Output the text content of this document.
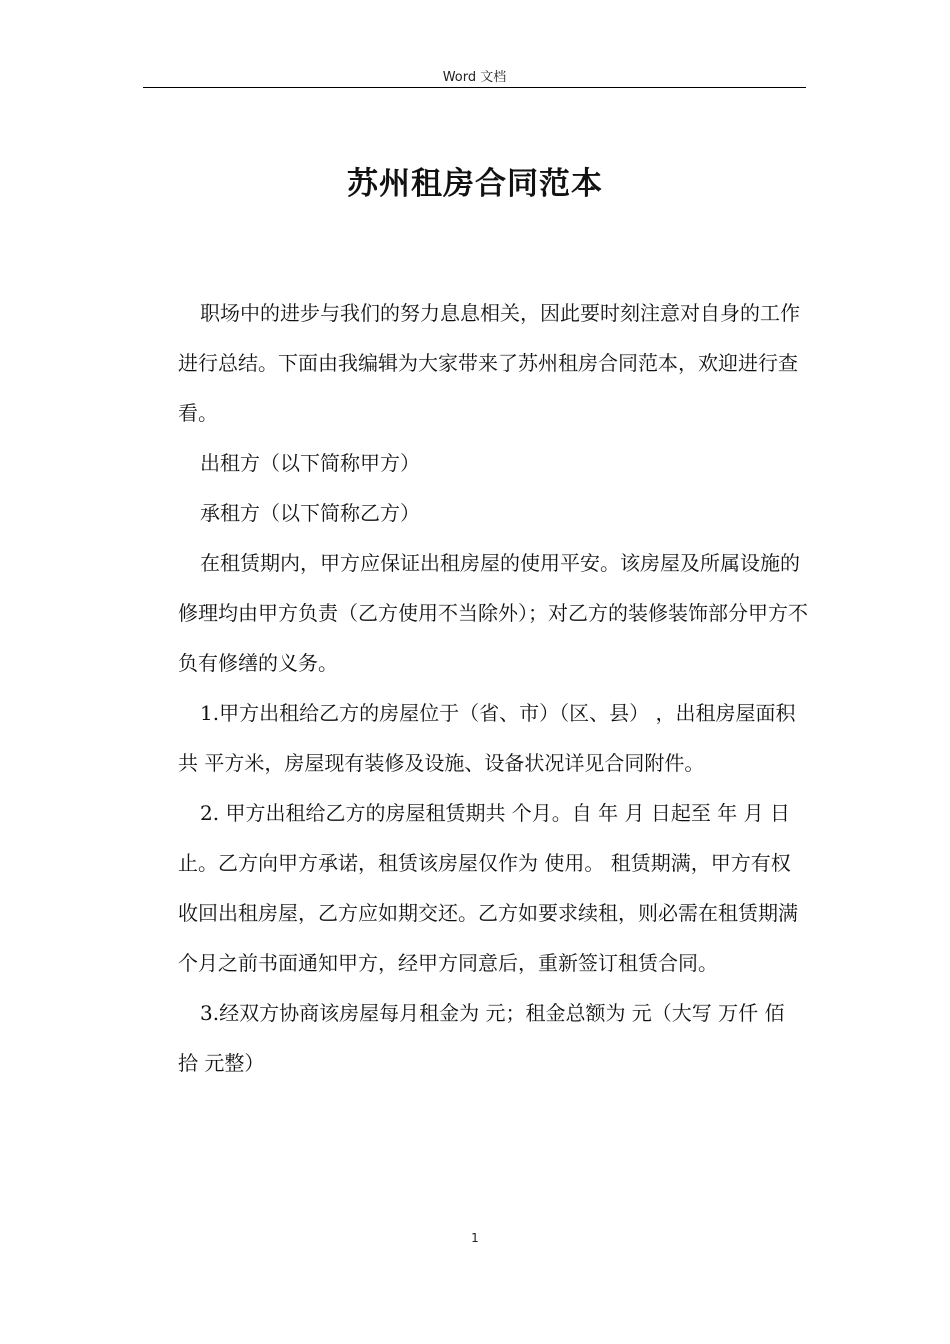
Word 文档
苏州租房合同范本

职场中的进步与我们的努力息息相关，因此要时刻注意对自身的工作进行总结。下面由我编辑为大家带来了苏州租房合同范本，欢迎进行查看。

出租方（以下简称甲方）

承租方（以下简称乙方）

在租赁期内，甲方应保证出租房屋的使用平安。该房屋及所属设施的修理均由甲方负责（乙方使用不当除外）；对乙方的装修装饰部分甲方不负有修缮的义务。

1.甲方出租给乙方的房屋位于（省、市）（区、县） ，出租房屋面积共 平方米，房屋现有装修及设施、设备状况详见合同附件。

2. 甲方出租给乙方的房屋租赁期共 个月。自 年 月 日起至 年 月 日止。乙方向甲方承诺，租赁该房屋仅作为 使用。 租赁期满，甲方有权收回出租房屋，乙方应如期交还。乙方如要求续租，则必需在租赁期满个月之前书面通知甲方，经甲方同意后，重新签订租赁合同。

3.经双方协商该房屋每月租金为 元；租金总额为 元（大写 万仟 佰 拾 元整）

1
